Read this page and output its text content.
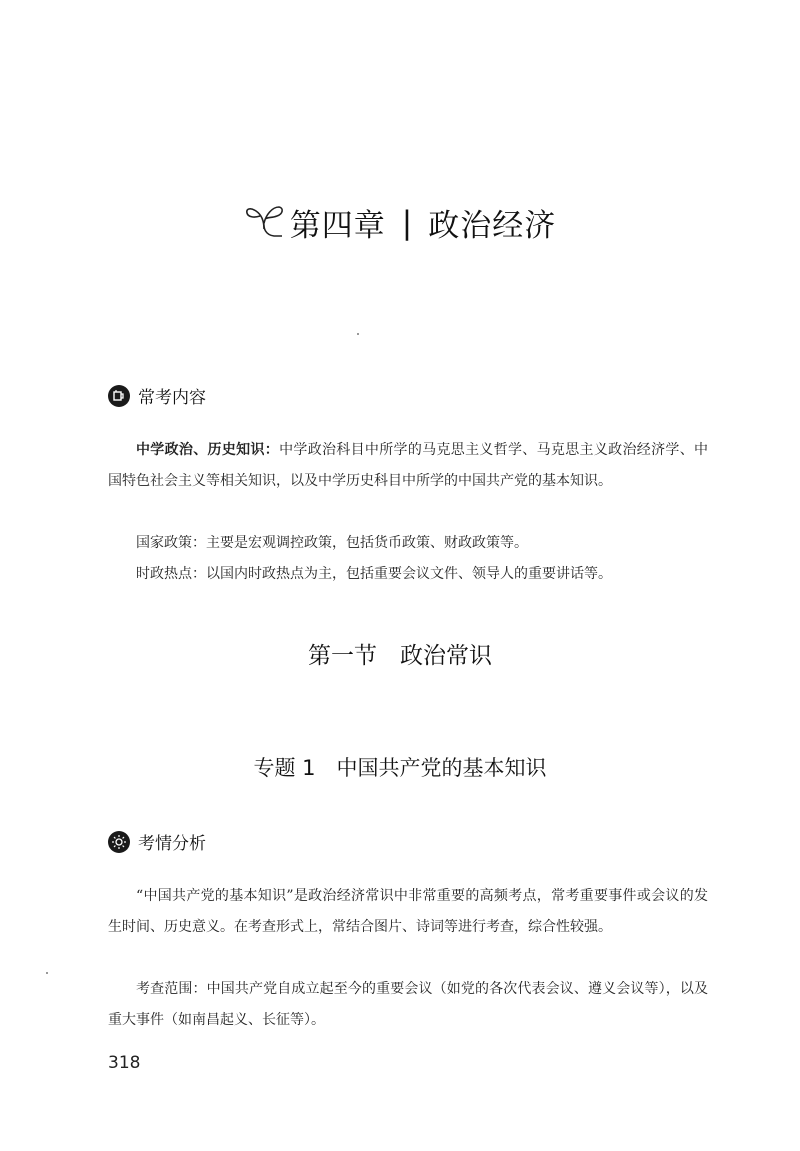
第四章 | 政治经济
常考内容

中学政治、历史知识：中学政治科目中所学的马克思主义哲学、马克思主义政治经济学、中国特色社会主义等相关知识，以及中学历史科目中所学的中国共产党的基本知识。

国家政策：主要是宏观调控政策，包括货币政策、财政政策等。

时政热点：以国内时政热点为主，包括重要会议文件、领导人的重要讲话等。

第一节　政治常识
专题 1　中国共产党的基本知识
考情分析

“中国共产党的基本知识”是政治经济常识中非常重要的高频考点，常考重要事件或会议的发生时间、历史意义。在考查形式上，常结合图片、诗词等进行考查，综合性较强。

考查范围：中国共产党自成立起至今的重要会议（如党的各次代表会议、遵义会议等），以及重大事件（如南昌起义、长征等）。

318
